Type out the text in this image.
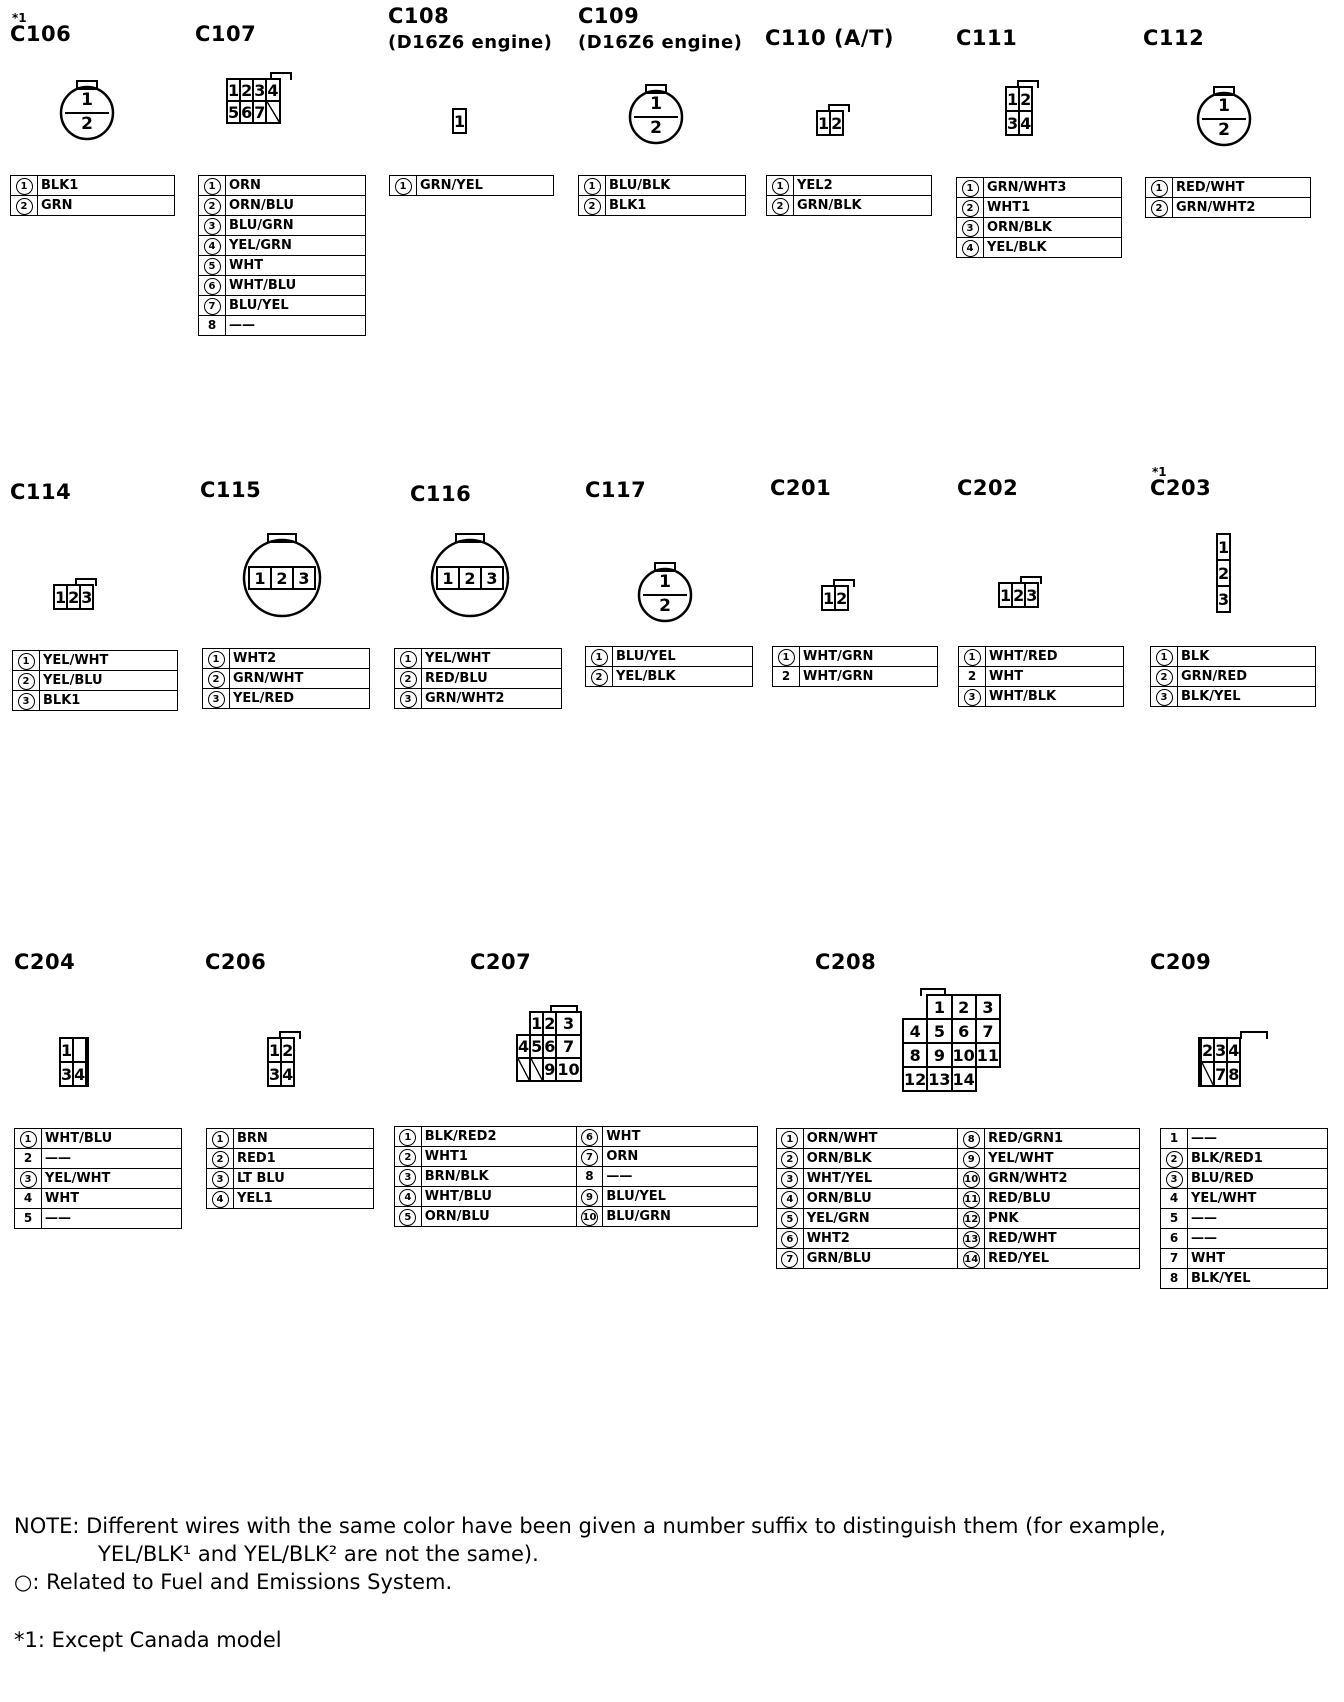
*1
C106
1
2
1	BLK1
2	GRN
C107
1	2	3	4
5	6	7	
1	ORN
2	ORN/BLU
3	BLU/GRN
4	YEL/GRN
5	WHT
6	WHT/BLU
7	BLU/YEL
8	——
C108
(D16Z6 engine)
1
1	GRN/YEL
C109
(D16Z6 engine)
1
2
1	BLU/BLK
2	BLK1
C110 (A/T)
1	2
1	YEL2
2	GRN/BLK
C111
1	2
3	4
1	GRN/WHT3
2	WHT1
3	ORN/BLK
4	YEL/BLK
C112
1
2
1	RED/WHT
2	GRN/WHT2
C114
1	2	3
1	YEL/WHT
2	YEL/BLU
3	BLK1
C115
1 2 3
1	WHT2
2	GRN/WHT
3	YEL/RED
C116
1 2 3
1	YEL/WHT
2	RED/BLU
3	GRN/WHT2
C117
1
2
1	BLU/YEL
2	YEL/BLK
C201
1	2
1	WHT/GRN
2	WHT/GRN
C202
1	2	3
1	WHT/RED
2	WHT
3	WHT/BLK
*1
C203
1
2
3
1	BLK
2	GRN/RED
3	BLK/YEL
C204
1		
3	4	
1	WHT/BLU
2	——
3	YEL/WHT
4	WHT
5	——
C206
1	2
3	4
1	BRN
2	RED1
3	LT BLU
4	YEL1
C207
	1	2	3
4	5	6	7
		9	10
1	BLK/RED2	6	WHT
2	WHT1	7	ORN
3	BRN/BLK	8	——
4	WHT/BLU	9	BLU/YEL
5	ORN/BLU	10	BLU/GRN
C208
	1	2	3
4	5	6	7
8	9	10	11
12	13	14	
1	ORN/WHT	8	RED/GRN1
2	ORN/BLK	9	YEL/WHT
3	WHT/YEL	10	GRN/WHT2
4	ORN/BLU	11	RED/BLU
5	YEL/GRN	12	PNK
6	WHT2	13	RED/WHT
7	GRN/BLU	14	RED/YEL
C209
	2	3	4
		7	8
1	——
2	BLK/RED1
3	BLU/RED
4	YEL/WHT
5	——
6	——
7	WHT
8	BLK/YEL
NOTE: Different wires with the same color have been given a number suffix to distinguish them (for example,
YEL/BLK¹ and YEL/BLK² are not the same).
○: Related to Fuel and Emissions System.
*1: Except Canada model
